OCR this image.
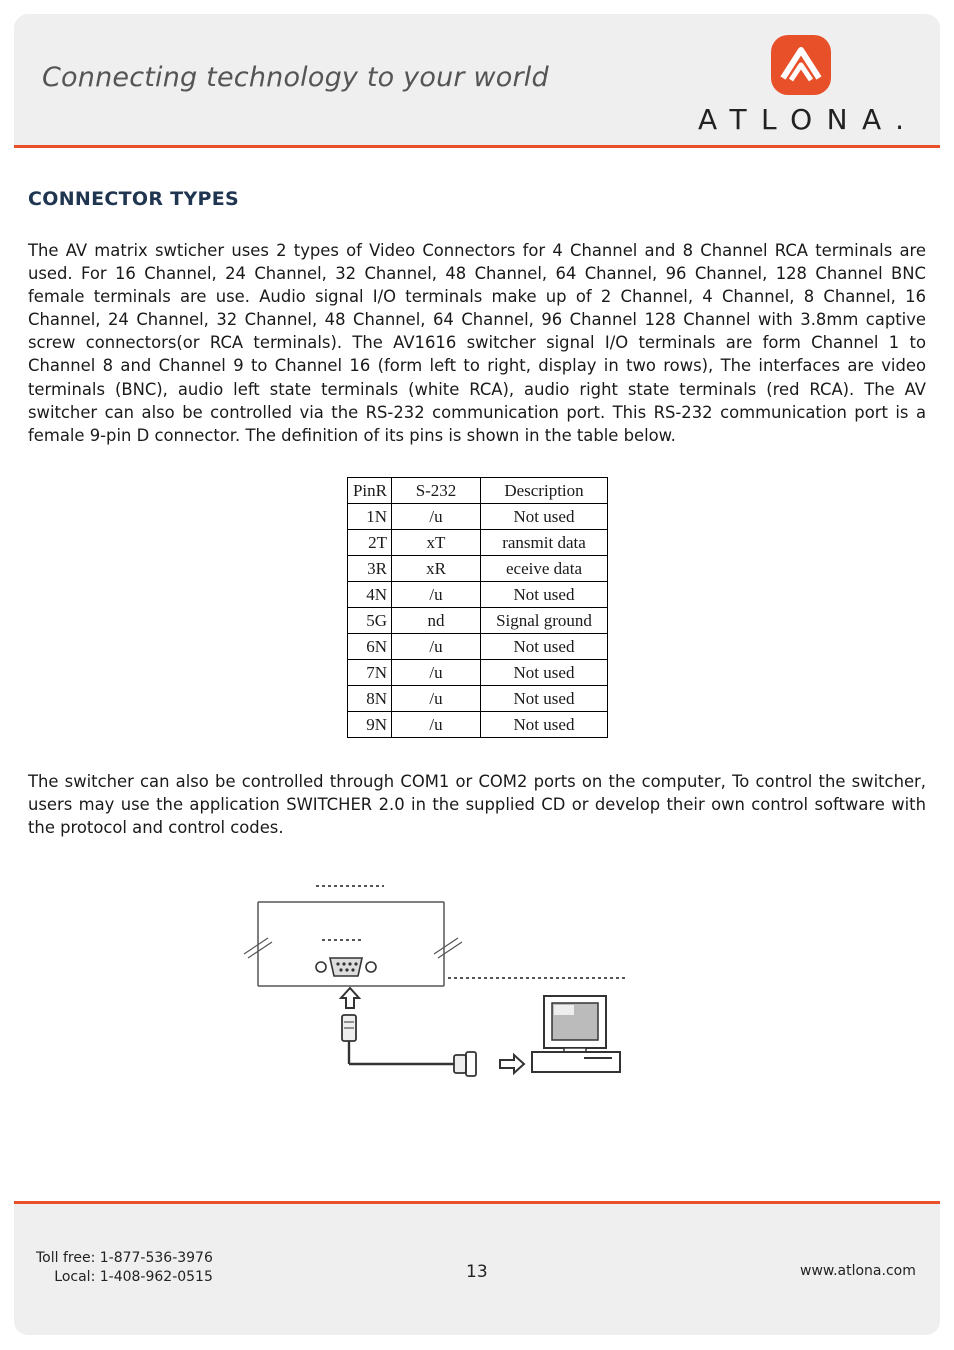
Connecting technology to your world
ATLONA.
CONNECTOR TYPES
The AV matrix swticher uses 2 types of Video Connectors for 4 Channel and 8 Channel RCA terminals are used. For 16 Channel, 24 Channel, 32 Channel, 48 Channel, 64 Channel, 96 Channel, 128 Channel BNC female terminals are use. Audio signal I/O terminals make up of 2 Channel, 4 Channel, 8 Channel, 16 Channel, 24 Channel, 32 Channel, 48 Channel, 64 Channel, 96 Channel 128 Channel with 3.8mm captive screw connectors(or RCA terminals). The AV1616 switcher signal I/O terminals are form Channel 1 to Channel 8 and Channel 9 to Channel 16 (form left to right, display in two rows), The interfaces are video terminals (BNC), audio left state terminals (white RCA), audio right state terminals (red RCA). The AV switcher can also be controlled via the RS-232 communication port. This RS-232 communication port is a female 9-pin D connector. The definition of its pins is shown in the table below.
PinR	S-232	Description
1N	/u	Not used
2T	xT	ransmit data
3R	xR	eceive data
4N	/u	Not used
5G	nd	Signal ground
6N	/u	Not used
7N	/u	Not used
8N	/u	Not used
9N	/u	Not used
The switcher can also be controlled through COM1 or COM2 ports on the computer, To control the switcher, users may use the application SWITCHER 2.0 in the supplied CD or develop their own control software with the protocol and control codes.
Toll free: 1-877-536-3976
Local: 1-408-962-0515	13	www.atlona.com
